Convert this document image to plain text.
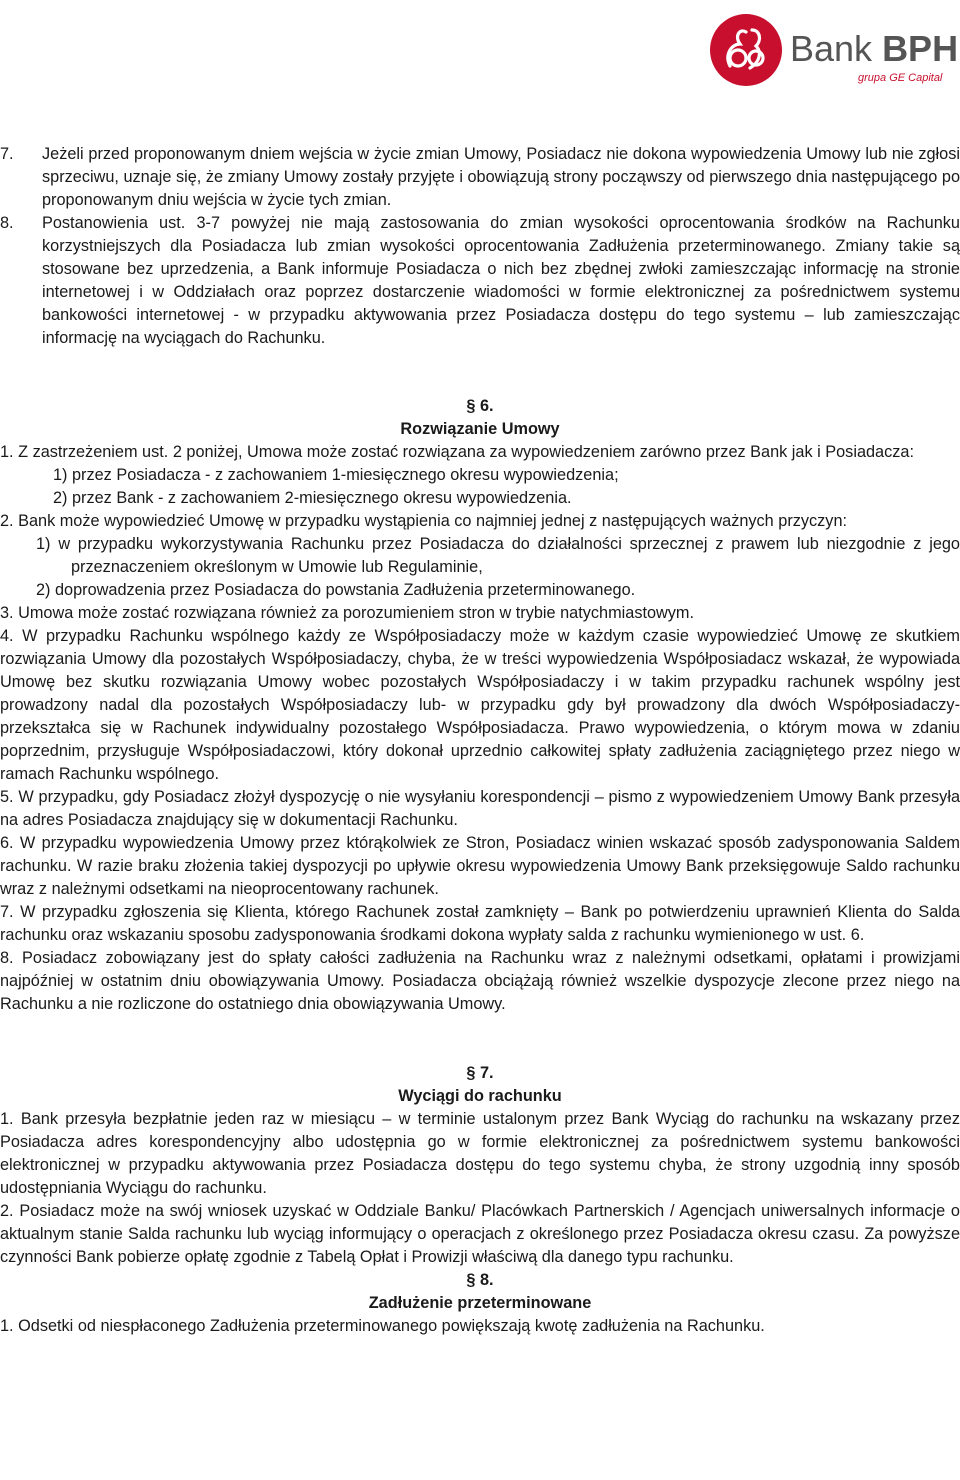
Bank BPH
grupa GE Capital

7. Jeżeli przed proponowanym dniem wejścia w życie zmian Umowy, Posiadacz nie dokona wypowiedzenia Umowy lub nie zgłosi sprzeciwu, uznaje się, że zmiany Umowy zostały przyjęte i obowiązują strony począwszy od pierwszego dnia następującego po proponowanym dniu wejścia w życie tych zmian.

8. Postanowienia ust. 3-7 powyżej nie mają zastosowania do zmian wysokości oprocentowania środków na Rachunku korzystniejszych dla Posiadacza lub zmian wysokości oprocentowania Zadłużenia przeterminowanego. Zmiany takie są stosowane bez uprzedzenia, a Bank informuje Posiadacza o nich bez zbędnej zwłoki zamieszczając informację na stronie internetowej i w Oddziałach oraz poprzez dostarczenie wiadomości w formie elektronicznej za pośrednictwem systemu bankowości internetowej - w przypadku aktywowania przez Posiadacza dostępu do tego systemu – lub zamieszczając informację na wyciągach do Rachunku.

§ 6.

Rozwiązanie Umowy

1. Z zastrzeżeniem ust. 2 poniżej, Umowa może zostać rozwiązana za wypowiedzeniem zarówno przez Bank jak i Posiadacza:

1) przez Posiadacza - z zachowaniem 1-miesięcznego okresu wypowiedzenia;

2) przez Bank - z zachowaniem 2-miesięcznego okresu wypowiedzenia.

2. Bank może wypowiedzieć Umowę w przypadku wystąpienia co najmniej jednej z następujących ważnych przyczyn:

1) w przypadku wykorzystywania Rachunku przez Posiadacza do działalności sprzecznej z prawem lub niezgodnie z jego przeznaczeniem określonym w Umowie lub Regulaminie,

2) doprowadzenia przez Posiadacza do powstania Zadłużenia przeterminowanego.

3. Umowa może zostać rozwiązana również za porozumieniem stron w trybie natychmiastowym.

4. W przypadku Rachunku wspólnego każdy ze Współposiadaczy może w każdym czasie wypowiedzieć Umowę ze skutkiem rozwiązania Umowy dla pozostałych Współposiadaczy, chyba, że w treści wypowiedzenia Współposiadacz wskazał, że wypowiada Umowę bez skutku rozwiązania Umowy wobec pozostałych Współposiadaczy i w takim przypadku rachunek wspólny jest prowadzony nadal dla pozostałych Współposiadaczy lub- w przypadku gdy był prowadzony dla dwóch Współposiadaczy- przekształca się w Rachunek indywidualny pozostałego Współposiadacza. Prawo wypowiedzenia, o którym mowa w zdaniu poprzednim, przysługuje Współposiadaczowi, który dokonał uprzednio całkowitej spłaty zadłużenia zaciągniętego przez niego w ramach Rachunku wspólnego.

5. W przypadku, gdy Posiadacz złożył dyspozycję o nie wysyłaniu korespondencji – pismo z wypowiedzeniem Umowy Bank przesyła na adres Posiadacza znajdujący się w dokumentacji Rachunku.

6. W przypadku wypowiedzenia Umowy przez którąkolwiek ze Stron, Posiadacz winien wskazać sposób zadysponowania Saldem rachunku. W razie braku złożenia takiej dyspozycji po upływie okresu wypowiedzenia Umowy Bank przeksięgowuje Saldo rachunku wraz z należnymi odsetkami na nieoprocentowany rachunek.

7. W przypadku zgłoszenia się Klienta, którego Rachunek został zamknięty – Bank po potwierdzeniu uprawnień Klienta do Salda rachunku oraz wskazaniu sposobu zadysponowania środkami dokona wypłaty salda z rachunku wymienionego w ust. 6.

8. Posiadacz zobowiązany jest do spłaty całości zadłużenia na Rachunku wraz z należnymi odsetkami, opłatami i prowizjami najpóźniej w ostatnim dniu obowiązywania Umowy. Posiadacza obciążają również wszelkie dyspozycje zlecone przez niego na Rachunku a nie rozliczone do ostatniego dnia obowiązywania Umowy.

§ 7.

Wyciągi do rachunku

1. Bank przesyła bezpłatnie jeden raz w miesiącu – w terminie ustalonym przez Bank Wyciąg do rachunku na wskazany przez Posiadacza adres korespondencyjny albo udostępnia go w formie elektronicznej za pośrednictwem systemu bankowości elektronicznej w przypadku aktywowania przez Posiadacza dostępu do tego systemu chyba, że strony uzgodnią inny sposób udostępniania Wyciągu do rachunku.

2. Posiadacz może na swój wniosek uzyskać w Oddziale Banku/ Placówkach Partnerskich / Agencjach uniwersalnych informacje o aktualnym stanie Salda rachunku lub wyciąg informujący o operacjach z określonego przez Posiadacza okresu czasu. Za powyższe czynności Bank pobierze opłatę zgodnie z Tabelą Opłat i Prowizji właściwą dla danego typu rachunku.

§ 8.

Zadłużenie przeterminowane

1. Odsetki od niespłaconego Zadłużenia przeterminowanego powiększają kwotę zadłużenia na Rachunku.
